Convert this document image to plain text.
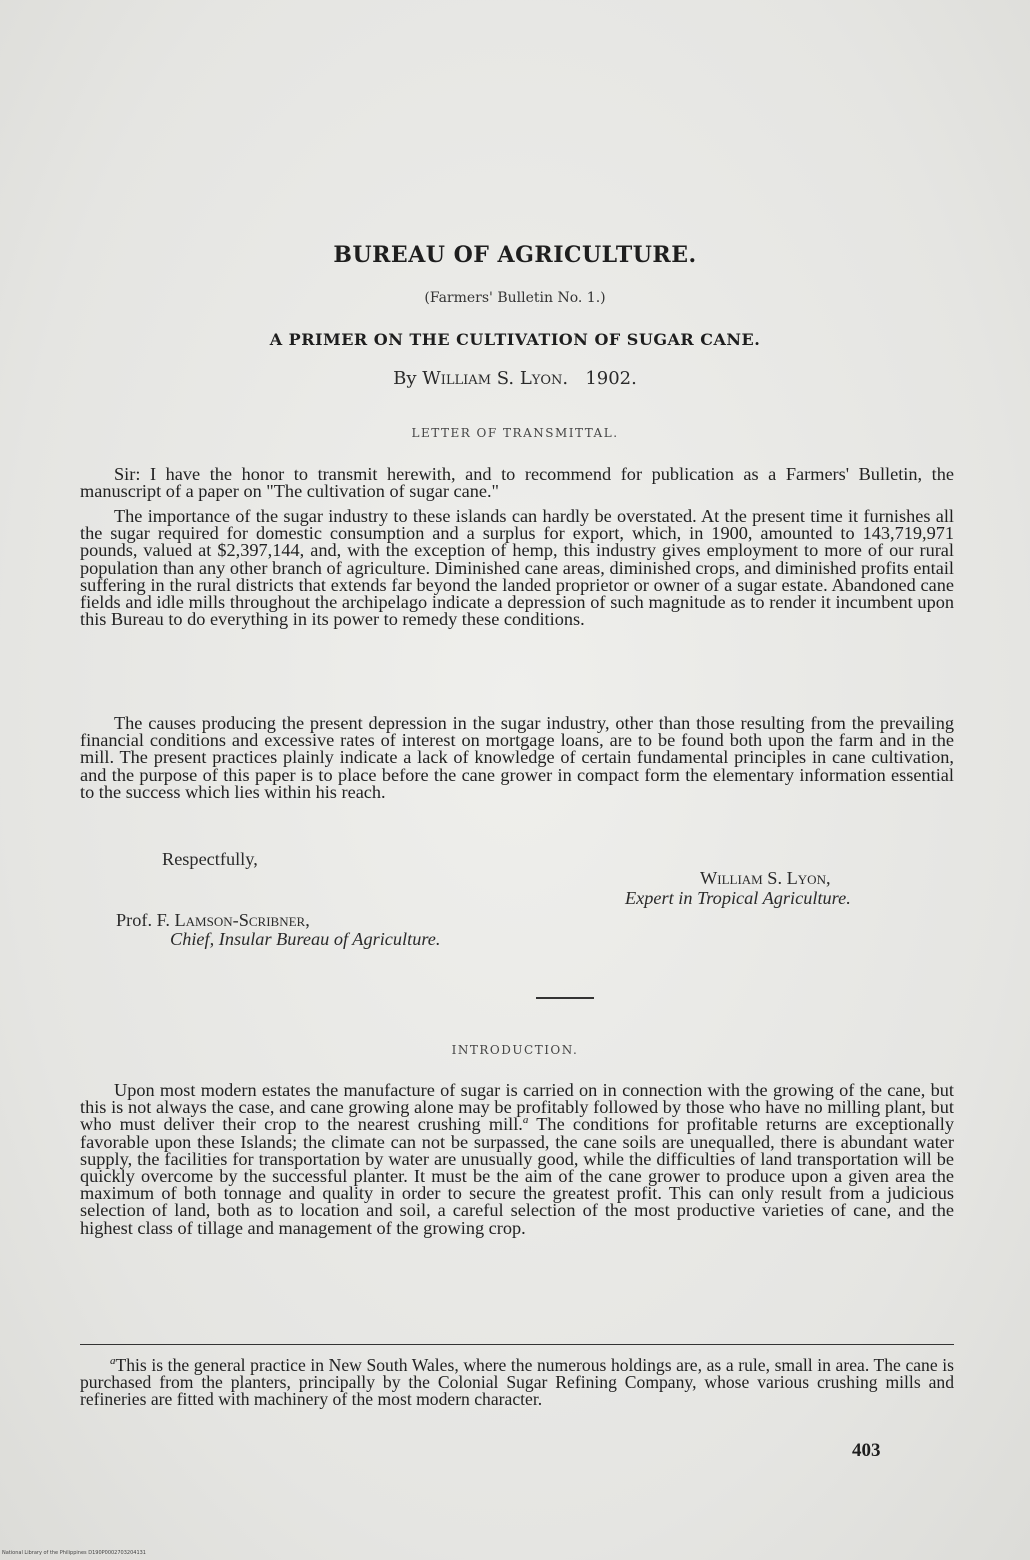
BUREAU OF AGRICULTURE.
(Farmers' Bulletin No. 1.)
A PRIMER ON THE CULTIVATION OF SUGAR CANE.
By William S. Lyon. 1902.
LETTER OF TRANSMITTAL.

Sir: I have the honor to transmit herewith, and to recommend for publication as a Farmers' Bulletin, the manuscript of a paper on "The cultivation of sugar cane."

The importance of the sugar industry to these islands can hardly be overstated. At the present time it furnishes all the sugar required for domestic consumption and a surplus for export, which, in 1900, amounted to 143,719,971 pounds, valued at $2,397,144, and, with the exception of hemp, this industry gives employment to more of our rural population than any other branch of agriculture. Diminished cane areas, diminished crops, and diminished profits entail suffering in the rural districts that extends far beyond the landed proprietor or owner of a sugar estate. Abandoned cane fields and idle mills throughout the archipelago indicate a depression of such magnitude as to render it incumbent upon this Bureau to do everything in its power to remedy these conditions.

The causes producing the present depression in the sugar industry, other than those resulting from the prevailing financial conditions and excessive rates of interest on mortgage loans, are to be found both upon the farm and in the mill. The present practices plainly indicate a lack of knowledge of certain fundamental principles in cane cultivation, and the purpose of this paper is to place before the cane grower in compact form the elementary information essential to the success which lies within his reach.

Respectfully,
William S. Lyon,
Expert in Tropical Agriculture.
Prof. F. Lamson-Scribner,
Chief, Insular Bureau of Agriculture.
INTRODUCTION.

Upon most modern estates the manufacture of sugar is carried on in connection with the growing of the cane, but this is not always the case, and cane growing alone may be profitably followed by those who have no milling plant, but who must deliver their crop to the nearest crushing mill.$^a$ The conditions for profitable returns are exceptionally favorable upon these Islands; the climate can not be surpassed, the cane soils are unequalled, there is abundant water supply, the facilities for transportation by water are unusually good, while the difficulties of land transportation will be quickly overcome by the successful planter. It must be the aim of the cane grower to produce upon a given area the maximum of both tonnage and quality in order to secure the greatest profit. This can only result from a judicious selection of land, both as to location and soil, a careful selection of the most productive varieties of cane, and the highest class of tillage and management of the growing crop.

$^a$This is the general practice in New South Wales, where the numerous holdings are, as a rule, small in area. The cane is purchased from the planters, principally by the Colonial Sugar Refining Company, whose various crushing mills and refineries are fitted with machinery of the most modern character.

403
National Library of the Philippines D190P0002703204131
